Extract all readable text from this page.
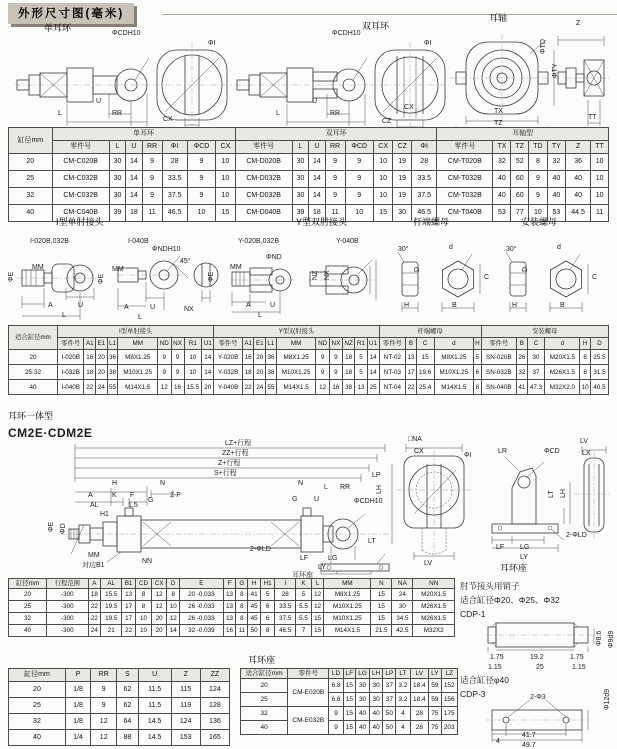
外形尺寸图(毫米)
单耳环	双耳环
耳轴
ΦCDH10
ΦI
U
L	RR
CX
ΦCDH10
ΦI
U
L	RR
CX
CZ
Z
ΦTD
ΦTY
TX
TZ
TT
缸径mm	单耳环							双耳环								耳轴型						
	零件号	L	U	RR	ΦI	ΦCD	CX	零件号	L	U	RR	ΦCD	CX	CZ	ΦI	零件号	TX	TZ	TD	TY	Z	TT
20	CM-C020B	30	14	9	28	9	10	CM-D020B	30	14	9	9	10	19	28	CM-T020B	32	52	8	32	36	10
25	CM-C032B	30	14	9	33.5	9	10	CM-D032B	30	14	9	9	10	19	33.5	CM-T032B	40	60	9	40	40	10
32	CM-C032B	30	14	9	37.5	9	10	CM-D032B	30	14	9	9	10	19	37.5	CM-T032B	40	60	9	40	40	10
40	CM-C040B	39	18	11	46.5	10	15	CM-D040B	39	18	11	10	15	30	46.5	CM-T040B	53	77	10	53	44.5	11
I型单肘接头	Y型双肘接头	杆端螺母	安装螺母
I-020B,032B	I-040B
ΦNDH10
45°
MM	MM
ΦE	ΦE
A	U
L
A	U
L
NX
Y-020B,032B	Y-040B
ΦND
MM
ΦE
A	U
L
NZ NX
30°	d
D
H
C
B
30°	d
D
H
C
B
适合缸径mm	I型单肘接头									Y型双肘接头										杆端螺母					安装螺母					
	零件号	A1	E1	L1	MM	ND	NX	R1	U1	零件号	A1	E1	L1	MM	ND	NX	NZ	R1	U1	零件号	B	C	d	H	零件号	B	C	d	H	D
20	I-020B	16	20	36	M8X1.25	9	9	10	14	Y-020B	16	20	36	M8X1.25	9	9	18	5	14	NT-02	13	15	M8X1.25	5	SN-020B	26	30	M20X1.5	8	25.5
25·32	I-032B	18	20	38	M10X1.25	9	9	10	14	Y-032B	18	20	38	M10X1.25	9	9	18	5	14	NT-03	17	19.6	M10X1.25	6	SN-032B	32	37	M26X1.5	8	31.5
40	I-040B	22	24	55	M14X1.5	12	16	15.5	20	Y-040B	22	24	55	M14X1.5	12	16	38	13	25	NT-04	22	25.4	M14X1.5	8	SN-040B	41	47.3	M32X2.0	10	40.5
耳环一体型
CM2E·CDM2E
LZ+行程
ZZ+行程
Z+行程
S+行程
H	N
A	K F
G
2-P
AL
H1
1.5
ΦE ΦD
MM
对边B1
NN
N
G U
L RR
LP
ΦCDH10
2-ΦLD
LT
LF	LG
LY
耳环座
□NA
CX
ΦI
LH
LV
LR	ΦCD
LT LH
LF LG
2-ΦLD
LY
耳环座
LV
LX
缸径mm	行程范围	A	AL	B1	CD	CX	D	E	F	G	H	H1	I	K	L	MM	N	NA	NN
20	-300	18	15.5	13	8	12	8	20 -0.033	13	8	41	5	28	5	12	M8X1.25	15	24	M20X1.5
25	-300	22	19.5	17	8	12	10	26 -0.033	13	8	45	6	33.5	5.5	12	M10X1.25	15	30	M26X1.5
32	-300	22	19.5	17	10	20	12	26 -0.033	13	8	45	6	37.5	5.5	15	M10X1.25	15	34.5	M26X1.5
40	-300	24	21	22	10	20	14	32 -0.039	16	11	50	8	46.5	7	15	M14X1.5	21.5	42.5	M32X2
肘节接头用销子
适合缸径Φ20、Φ25、Φ32
CDP-1
1.75	19.2	1.75
1.15	25	1.15
Φ8.6 Φ9d9
适合缸径φ40
CDP-3	2-Φ3
4
41.7
49.7
Φ12d9
缸径mm	P	RR	S	U	Z	ZZ
20	1/8	9	62	11.5	115	124
25	1/8	9	62	11.5	119	128
32	1/8	12	64	14.5	124	136
40	1/4	12	88	14.5	153	165
耳环座
适合缸径mm	零件号	LD	LF	LG	LH	LP	LT	LV	LY	LZ
20	CM-E020B	6.8	15	30	30	37	3.2	18.4	59	152
25		6.8	15	30	30	37	3.2	18.4	59	156
32	CM-E032B	9	15	40	40	50	4	28	75	175
40		9	15	40	40	50	4	28	75	203
